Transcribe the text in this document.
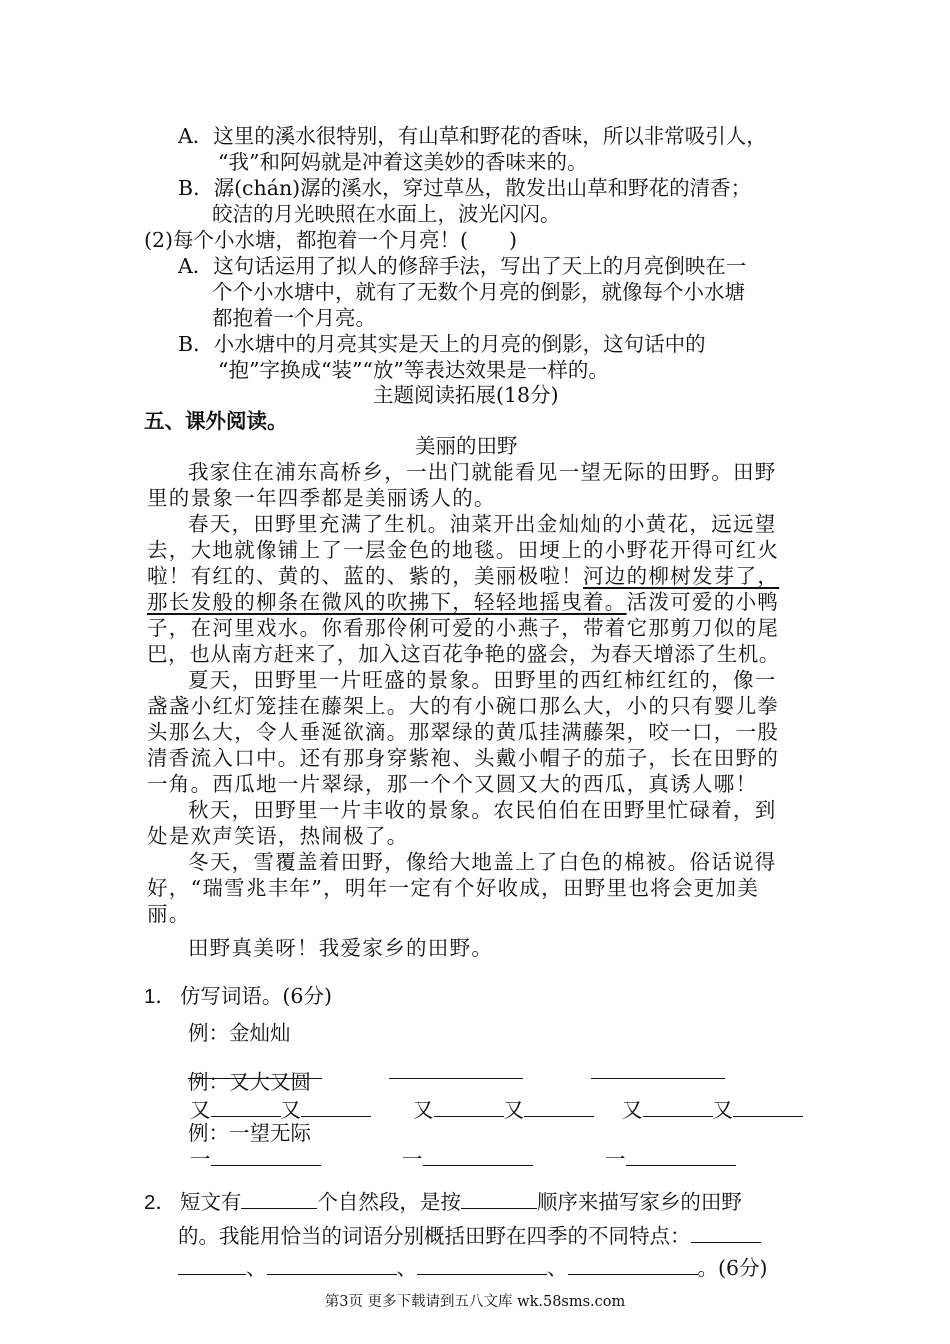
A．这里的溪水很特别，有山草和野花的香味，所以非常吸引人，
“我”和阿妈就是冲着这美妙的香味来的。
B．潺(chán)潺的溪水，穿过草丛，散发出山草和野花的清香；
皎洁的月光映照在水面上，波光闪闪。
(2)每个小水塘，都抱着一个月亮！(　　)
A．这句话运用了拟人的修辞手法，写出了天上的月亮倒映在一
个个小水塘中，就有了无数个月亮的倒影，就像每个小水塘
都抱着一个月亮。
B．小水塘中的月亮其实是天上的月亮的倒影，这句话中的
“抱”字换成“装”“放”等表达效果是一样的。
主题阅读拓展(18分)
五、课外阅读。
美丽的田野
我家住在浦东高桥乡，一出门就能看见一望无际的田野。田野
里的景象一年四季都是美丽诱人的。
春天，田野里充满了生机。油菜开出金灿灿的小黄花，远远望
去，大地就像铺上了一层金色的地毯。田埂上的小野花开得可红火
啦！有红的、黄的、蓝的、紫的，美丽极啦！河边的柳树发芽了，
那长发般的柳条在微风的吹拂下，轻轻地摇曳着。活泼可爱的小鸭
子，在河里戏水。你看那伶俐可爱的小燕子，带着它那剪刀似的尾
巴，也从南方赶来了，加入这百花争艳的盛会，为春天增添了生机。
夏天，田野里一片旺盛的景象。田野里的西红柿红红的，像一
盏盏小红灯笼挂在藤架上。大的有小碗口那么大，小的只有婴儿拳
头那么大，令人垂涎欲滴。那翠绿的黄瓜挂满藤架，咬一口，一股
清香流入口中。还有那身穿紫袍、头戴小帽子的茄子，长在田野的
一角。西瓜地一片翠绿，那一个个又圆又大的西瓜，真诱人哪！
秋天，田野里一片丰收的景象。农民伯伯在田野里忙碌着，到
处是欢声笑语，热闹极了。
冬天，雪覆盖着田野，像给大地盖上了白色的棉被。俗话说得
好，“瑞雪兆丰年”，明年一定有个好收成，田野里也将会更加美
丽。
田野真美呀！我爱家乡的田野。
1． 仿写词语。(6分)
例：金灿灿
例：又大又圆
又	又	又	又	又	又
例：一望无际
一	一	一
2． 短文有	个自然段，是按	顺序来描写家乡的田野
的。我能用恰当的词语分别概括田野在四季的不同特点：
、	、	、	。(6分)
第3页 更多下载请到五八文库 wk.58sms.com
